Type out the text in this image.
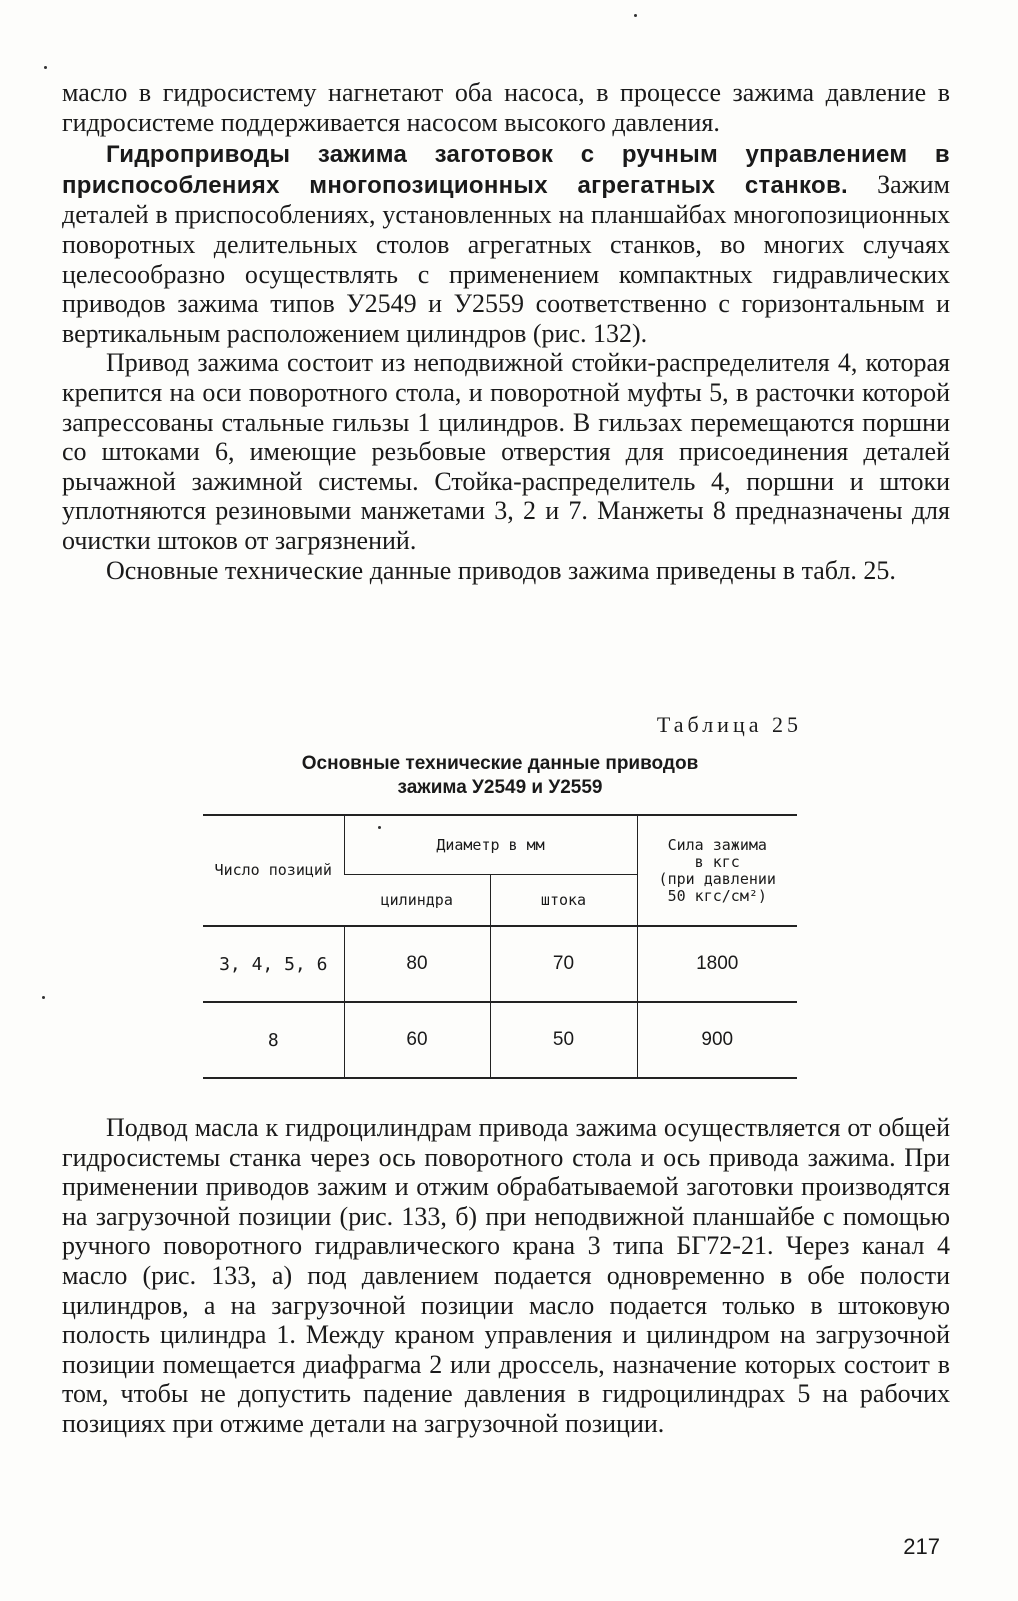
масло в гидросистему нагнетают оба насоса, в процессе зажима давление в гидросистеме поддерживается насосом высокого давления.

Гидроприводы зажима заготовок с ручным управлением в приспособлениях многопозиционных агрегатных станков. Зажим деталей в приспособлениях, установленных на планшайбах многопозиционных поворотных делительных столов агрегатных станков, во многих случаях целесообразно осуществлять с применением компактных гидравлических приводов зажима типов У2549 и У2559 соответственно с горизонтальным и вертикальным расположением цилиндров (рис. 132).

Привод зажима состоит из неподвижной стойки-распределителя 4, которая крепится на оси поворотного стола, и поворотной муфты 5, в расточки которой запрессованы стальные гильзы 1 цилиндров. В гильзах перемещаются поршни со штоками 6, имеющие резьбовые отверстия для присоединения деталей рычажной зажимной системы. Стойка-распределитель 4, поршни и штоки уплотняются резиновыми манжетами 3, 2 и 7. Манжеты 8 предназначены для очистки штоков от загрязнений.

Основные технические данные приводов зажима приведены в табл. 25.

Таблица 25
Основные технические данные приводов
зажима У2549 и У2559
Число позиций	Диаметр в мм		Сила зажима
в кгс
(при давлении
50 кгс/см²)

	цилиндра	штока	
3, 4, 5, 6	80	70	1800
8	60	50	900

Подвод масла к гидроцилиндрам привода зажима осуществляется от общей гидросистемы станка через ось поворотного стола и ось привода зажима. При применении приводов зажим и отжим обрабатываемой заготовки производятся на загрузочной позиции (рис. 133, б) при неподвижной планшайбе с помощью ручного поворотного гидравлического крана 3 типа БГ72-21. Через канал 4 масло (рис. 133, а) под давлением подается одновременно в обе полости цилиндров, а на загрузочной позиции масло подается только в штоковую полость цилиндра 1. Между краном управления и цилиндром на загрузочной позиции помещается диафрагма 2 или дроссель, назначение которых состоит в том, чтобы не допустить падение давления в гидроцилиндрах 5 на рабочих позициях при отжиме детали на загрузочной позиции.

217
